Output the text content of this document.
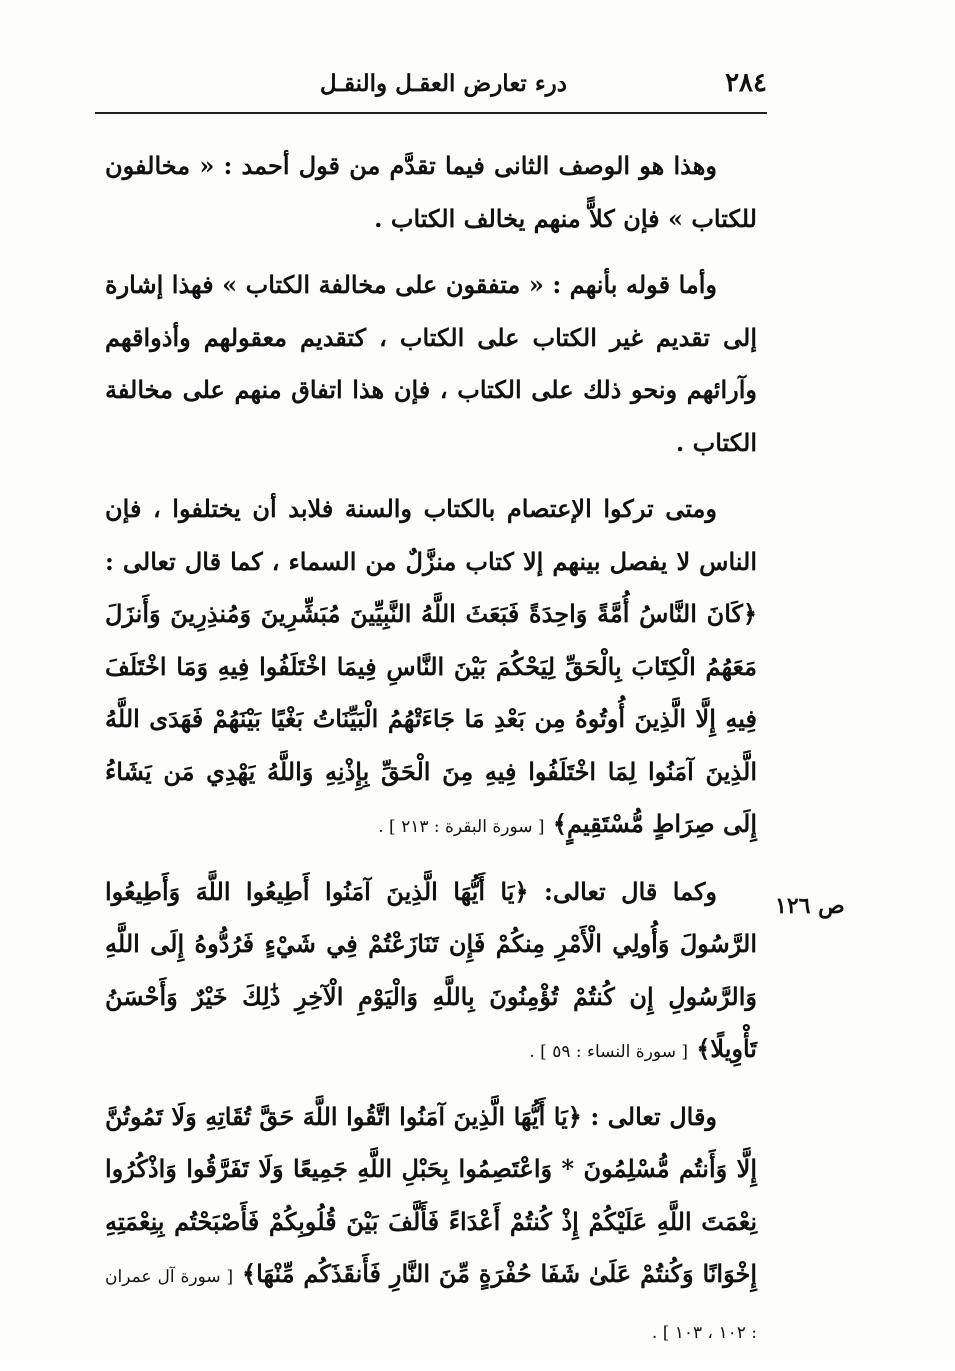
٢٨٤
درء تعارض العقـل والنقـل

وهذا هو الوصف الثانى فيما تقدَّم من قول أحمد : « مخالفون للكتاب » فإن كلاًّ منهم يخالف الكتاب .

وأما قوله بأنهم : « متفقون على مخالفة الكتاب » فهذا إشارة إلى تقديم غير الكتاب على الكتاب ، كتقديم معقولهم وأذواقهم وآرائهم ونحو ذلك على الكتاب ، فإن هذا اتفاق منهم على مخالفة الكتاب .

ومتى تركوا الإعتصام بالكتاب والسنة فلابد أن يختلفوا ، فإن الناس لا يفصل بينهم إلا كتاب منزَّلٌ من السماء ، كما قال تعالى : ﴿كَانَ النَّاسُ أُمَّةً وَاحِدَةً فَبَعَثَ اللَّهُ النَّبِيِّينَ مُبَشِّرِينَ وَمُنذِرِينَ وَأَنزَلَ مَعَهُمُ الْكِتَابَ بِالْحَقِّ لِيَحْكُمَ بَيْنَ النَّاسِ فِيمَا اخْتَلَفُوا فِيهِ وَمَا اخْتَلَفَ فِيهِ إِلَّا الَّذِينَ أُوتُوهُ مِن بَعْدِ مَا جَاءَتْهُمُ الْبَيِّنَاتُ بَغْيًا بَيْنَهُمْ فَهَدَى اللَّهُ الَّذِينَ آمَنُوا لِمَا اخْتَلَفُوا فِيهِ مِنَ الْحَقِّ بِإِذْنِهِ وَاللَّهُ يَهْدِي مَن يَشَاءُ إِلَى صِرَاطٍ مُّسْتَقِيمٍ﴾ [ سورة البقرة : ٢١٣ ] .

وكما قال تعالى: ﴿يَا أَيُّهَا الَّذِينَ آمَنُوا أَطِيعُوا اللَّهَ وَأَطِيعُوا الرَّسُولَ وَأُولِي الْأَمْرِ مِنكُمْ فَإِن تَنَازَعْتُمْ فِي شَيْءٍ فَرُدُّوهُ إِلَى اللَّهِ وَالرَّسُولِ إِن كُنتُمْ تُؤْمِنُونَ بِاللَّهِ وَالْيَوْمِ الْآخِرِ ذَٰلِكَ خَيْرٌ وَأَحْسَنُ تَأْوِيلًا﴾ [ سورة النساء : ٥٩ ] .

وقال تعالى : ﴿يَا أَيُّهَا الَّذِينَ آمَنُوا اتَّقُوا اللَّهَ حَقَّ تُقَاتِهِ وَلَا تَمُوتُنَّ إِلَّا وَأَنتُم مُّسْلِمُونَ * وَاعْتَصِمُوا بِحَبْلِ اللَّهِ جَمِيعًا وَلَا تَفَرَّقُوا وَاذْكُرُوا نِعْمَتَ اللَّهِ عَلَيْكُمْ إِذْ كُنتُمْ أَعْدَاءً فَأَلَّفَ بَيْنَ قُلُوبِكُمْ فَأَصْبَحْتُم بِنِعْمَتِهِ إِخْوَانًا وَكُنتُمْ عَلَىٰ شَفَا حُفْرَةٍ مِّنَ النَّارِ فَأَنقَذَكُم مِّنْهَا﴾ [ سورة آل عمران : ١٠٢ ، ١٠٣ ] .

ص ١٢٦
